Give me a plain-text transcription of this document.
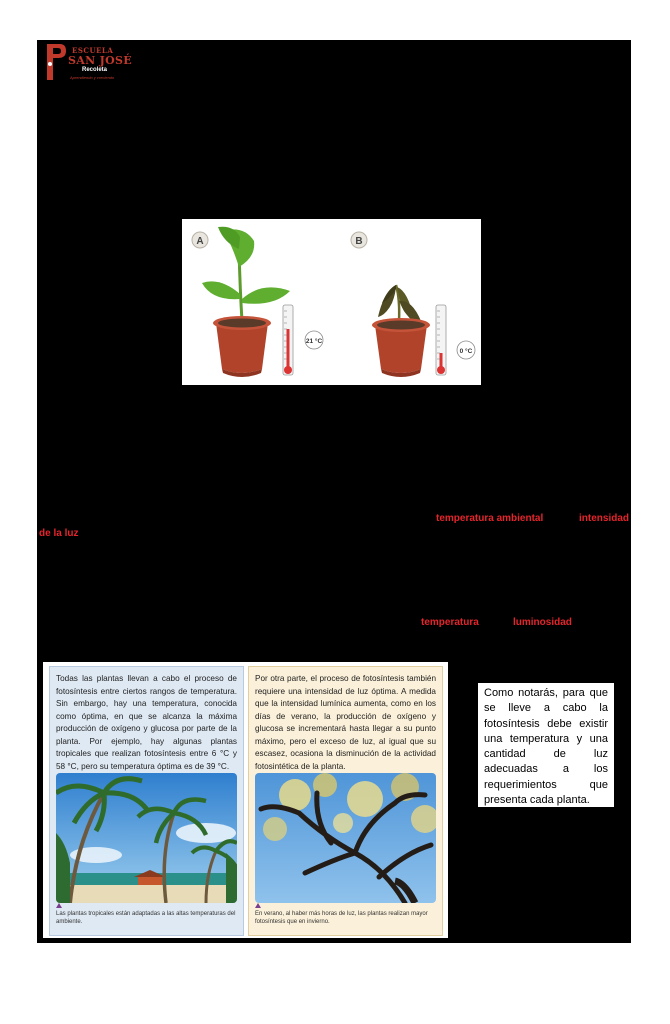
ESCUELA
SAN JOSÉ
Recoleta
Aprendiendo y creciendo
A
21 °C
B
0 °C
temperatura ambiental	intensidad
de la luz
temperatura	luminosidad

Todas las plantas llevan a cabo el proceso de fotosíntesis entre ciertos rangos de temperatura. Sin embargo, hay una temperatura, conocida como óptima, en que se alcanza la máxima producción de oxígeno y glucosa por parte de la planta. Por ejemplo, hay algunas plantas tropicales que realizan fotosíntesis entre 6 °C y 58 °C, pero su temperatura óptima es de 39 °C.

Las plantas tropicales están adaptadas a las altas temperaturas del ambiente.

Por otra parte, el proceso de fotosíntesis también requiere una intensidad de luz óptima. A medida que la intensidad lumínica aumenta, como en los días de verano, la producción de oxígeno y glucosa se incrementará hasta llegar a su punto máximo, pero el exceso de luz, al igual que su escasez, ocasiona la disminución de la actividad fotosintética de la planta.

En verano, al haber más horas de luz, las plantas realizan mayor fotosíntesis que en invierno.
Como notarás, para que se lleve a cabo la fotosíntesis debe existir una temperatura y una cantidad de luz adecuadas a los requerimientos que presenta cada planta.
